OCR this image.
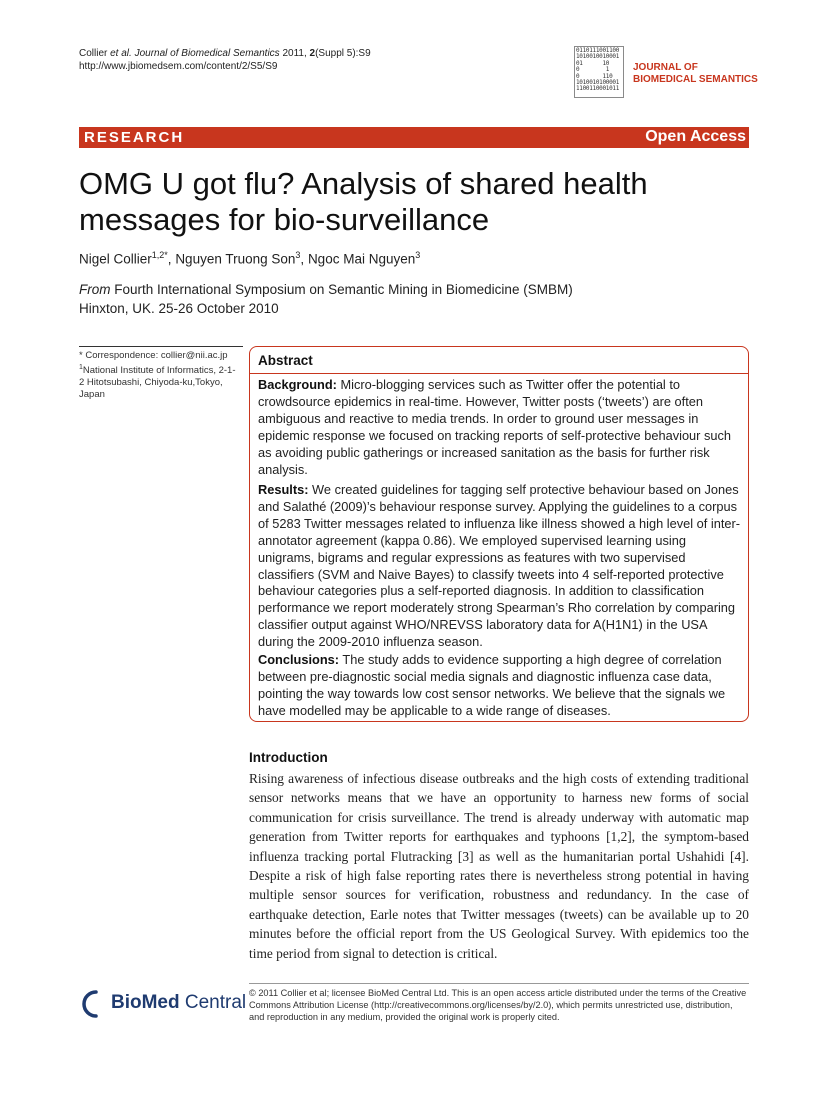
Collier et al. Journal of Biomedical Semantics 2011, 2(Suppl 5):S9
http://www.jbiomedsem.com/content/2/S5/S9
0110111001100
1010010010001
01      10
0        1
0       110
1010010100001
1100110001011
JOURNAL OF
BIOMEDICAL SEMANTICS
RESEARCH	Open Access
OMG U got flu? Analysis of shared health messages for bio-surveillance
Nigel Collier$^{1,2*}$, Nguyen Truong Son$^3$, Ngoc Mai Nguyen$^3$
From Fourth International Symposium on Semantic Mining in Biomedicine (SMBM)
Hinxton, UK. 25-26 October 2010
* Correspondence: collier@nii.ac.jp
$^1$National Institute of Informatics, 2-1-2 Hitotsubashi, Chiyoda-ku,Tokyo, Japan
Abstract
Background: Micro-blogging services such as Twitter offer the potential to crowdsource epidemics in real-time. However, Twitter posts (‘tweets’) are often ambiguous and reactive to media trends. In order to ground user messages in epidemic response we focused on tracking reports of self-protective behaviour such as avoiding public gatherings or increased sanitation as the basis for further risk analysis.
Results: We created guidelines for tagging self protective behaviour based on Jones and Salathé (2009)’s behaviour response survey. Applying the guidelines to a corpus of 5283 Twitter messages related to influenza like illness showed a high level of inter-annotator agreement (kappa 0.86). We employed supervised learning using unigrams, bigrams and regular expressions as features with two supervised classifiers (SVM and Naive Bayes) to classify tweets into 4 self-reported protective behaviour categories plus a self-reported diagnosis. In addition to classification performance we report moderately strong Spearman’s Rho correlation by comparing classifier output against WHO/NREVSS laboratory data for A(H1N1) in the USA during the 2009-2010 influenza season.
Conclusions: The study adds to evidence supporting a high degree of correlation between pre-diagnostic social media signals and diagnostic influenza case data, pointing the way towards low cost sensor networks. We believe that the signals we have modelled may be applicable to a wide range of diseases.
Introduction
Rising awareness of infectious disease outbreaks and the high costs of extending traditional sensor networks means that we have an opportunity to harness new forms of social communication for crisis surveillance. The trend is already underway with automatic map generation from Twitter reports for earthquakes and typhoons [1,2], the symptom-based influenza tracking portal Flutracking [3] as well as the humanitarian portal Ushahidi [4]. Despite a risk of high false reporting rates there is nevertheless strong potential in having multiple sensor sources for verification, robustness and redundancy. In the case of earthquake detection, Earle notes that Twitter messages (tweets) can be available up to 20 minutes before the official report from the US Geological Survey. With epidemics too the time period from signal to detection is critical.
BioMed Central © 2011 Collier et al; licensee BioMed Central Ltd. This is an open access article distributed under the terms of the Creative Commons Attribution License (http://creativecommons.org/licenses/by/2.0), which permits unrestricted use, distribution, and reproduction in any medium, provided the original work is properly cited.
